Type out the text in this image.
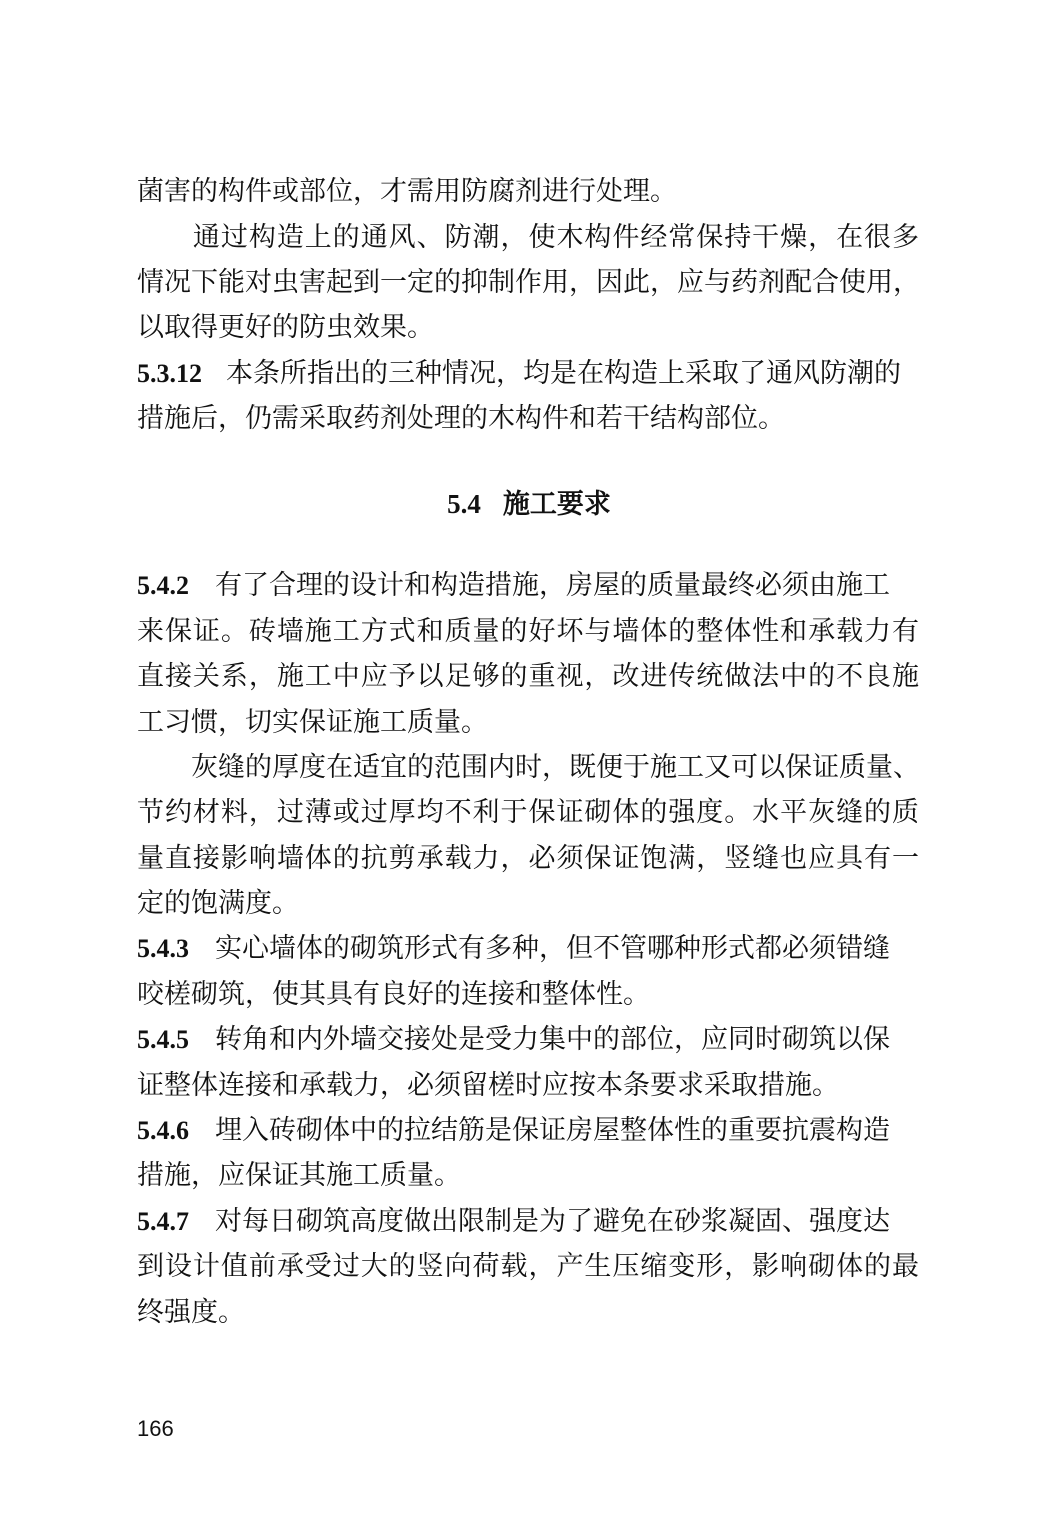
菌害的构件或部位，才需用防腐剂进行处理。
　　通过构造上的通风、防潮，使木构件经常保持干燥，在很多
情况下能对虫害起到一定的抑制作用，因此，应与药剂配合使用，
以取得更好的防虫效果。
5.3.12 本条所指出的三种情况，均是在构造上采取了通风防潮的
措施后，仍需采取药剂处理的木构件和若干结构部位。
5.4 施工要求
5.4.2 有了合理的设计和构造措施，房屋的质量最终必须由施工
来保证。砖墙施工方式和质量的好坏与墙体的整体性和承载力有
直接关系，施工中应予以足够的重视，改进传统做法中的不良施
工习惯，切实保证施工质量。
　　灰缝的厚度在适宜的范围内时，既便于施工又可以保证质量、
节约材料，过薄或过厚均不利于保证砌体的强度。水平灰缝的质
量直接影响墙体的抗剪承载力，必须保证饱满，竖缝也应具有一
定的饱满度。
5.4.3 实心墙体的砌筑形式有多种，但不管哪种形式都必须错缝
咬槎砌筑，使其具有良好的连接和整体性。
5.4.5 转角和内外墙交接处是受力集中的部位，应同时砌筑以保
证整体连接和承载力，必须留槎时应按本条要求采取措施。
5.4.6 埋入砖砌体中的拉结筋是保证房屋整体性的重要抗震构造
措施，应保证其施工质量。
5.4.7 对每日砌筑高度做出限制是为了避免在砂浆凝固、强度达
到设计值前承受过大的竖向荷载，产生压缩变形，影响砌体的最
终强度。
166
